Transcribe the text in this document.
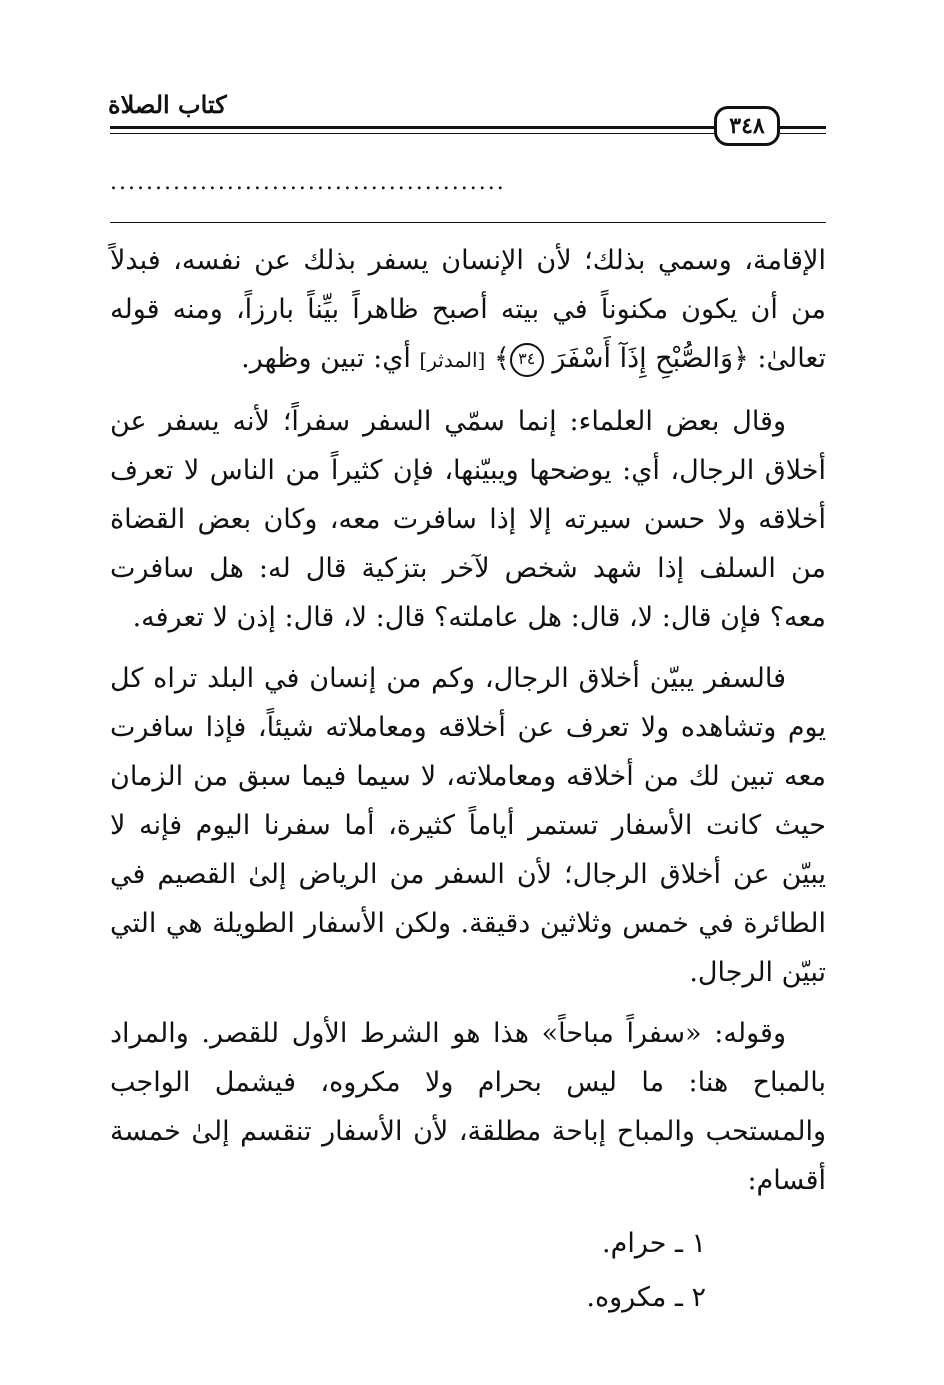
كتاب الصلاة
٣٤٨
............................................

الإقامة، وسمي بذلك؛ لأن الإنسان يسفر بذلك عن نفسه، فبدلاً من أن يكون مكنوناً في بيته أصبح ظاهراً بيِّناً بارزاً، ومنه قوله تعالىٰ: ﴿وَالصُّبْحِ إِذَآ أَسْفَرَ ٣٤﴾ [المدثر] أي: تبين وظهر.

وقال بعض العلماء: إنما سمّي السفر سفراً؛ لأنه يسفر عن أخلاق الرجال، أي: يوضحها ويبيّنها، فإن كثيراً من الناس لا تعرف أخلاقه ولا حسن سيرته إلا إذا سافرت معه، وكان بعض القضاة من السلف إذا شهد شخص لآخر بتزكية قال له: هل سافرت معه؟ فإن قال: لا، قال: هل عاملته؟ قال: لا، قال: إذن لا تعرفه.

فالسفر يبيّن أخلاق الرجال، وكم من إنسان في البلد تراه كل يوم وتشاهده ولا تعرف عن أخلاقه ومعاملاته شيئاً، فإذا سافرت معه تبين لك من أخلاقه ومعاملاته، لا سيما فيما سبق من الزمان حيث كانت الأسفار تستمر أياماً كثيرة، أما سفرنا اليوم فإنه لا يبيّن عن أخلاق الرجال؛ لأن السفر من الرياض إلىٰ القصيم في الطائرة في خمس وثلاثين دقيقة. ولكن الأسفار الطويلة هي التي تبيّن الرجال.

وقوله: «سفراً مباحاً» هذا هو الشرط الأول للقصر. والمراد بالمباح هنا: ما ليس بحرام ولا مكروه، فيشمل الواجب والمستحب والمباح إباحة مطلقة، لأن الأسفار تنقسم إلىٰ خمسة أقسام:

١ ـ حرام.
٢ ـ مكروه.
